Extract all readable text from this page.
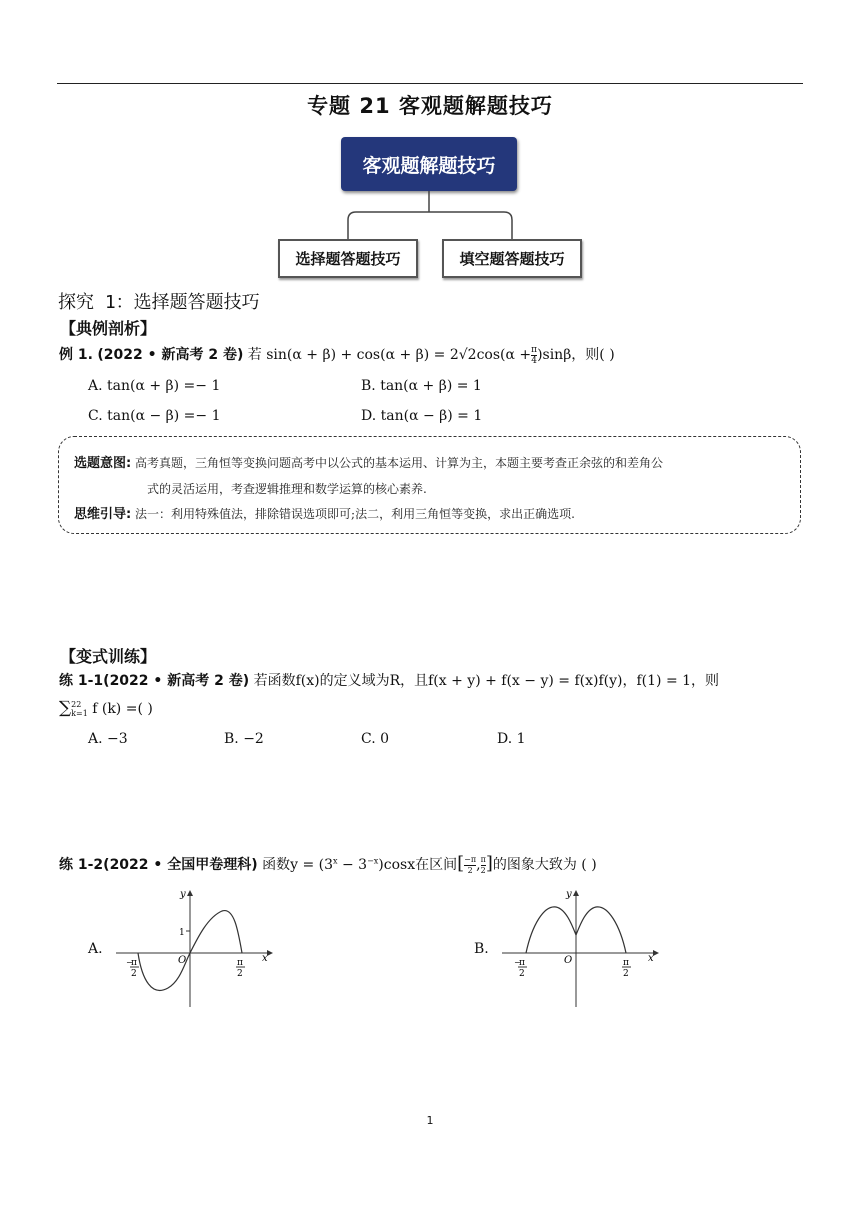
专题 21 客观题解题技巧
客观题解题技巧
选择题答题技巧	填空题答题技巧
探究 1：选择题答题技巧
【典例剖析】
例 1. (2022 • 新高考 2 卷) 若 $\sin(\alpha + \beta) + \cos(\alpha + \beta) = 2√2\cos(\alpha + \frac{\pi}{4} )\sin\beta$，则( )
A. tan(α + β) =− 1	B. tan(α + β) = 1
C. tan(α − β) =− 1	D. tan(α − β) = 1
选题意图: 高考真题，三角恒等变换问题高考中以公式的基本运用、计算为主，本题主要考查正余弦的和差角公
式的灵活运用，考查逻辑推理和数学运算的核心素养.
思维引导: 法一：利用特殊值法，排除错误选项即可;法二，利用三角恒等变换，求出正确选项.
【变式训练】
练 1-1(2022 • 新高考 2 卷) 若函数f(x)的定义域为R，且f(x + y) + f(x − y) = f(x)f(y)，f(1) = 1，则
∑ 22
k=1 f (k) =( )
A. −3	B. −2	C. 0	D. 1
练 1-2(2022 • 全国甲卷理科) 函数$y = (3^x - 3^{-x})\cos x$在区间[ $\frac{-\pi}{2}$ , $\frac{\pi}{2}$ ]的图象大致为 ( )
A.	B.
x
y
O
1
−
π
2
π
2
x
y
O
−
π
2
π
2
1
